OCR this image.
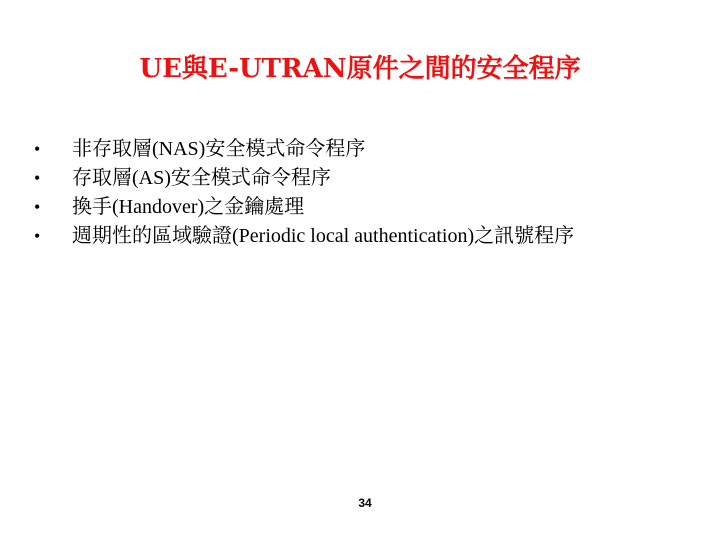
UE與E-UTRAN原件之間的安全程序
•	非存取層(NAS)安全模式命令程序
•	存取層(AS)安全模式命令程序
•	換手(Handover)之金鑰處理
•	週期性的區域驗證(Periodic local authentication)之訊號程序
34
